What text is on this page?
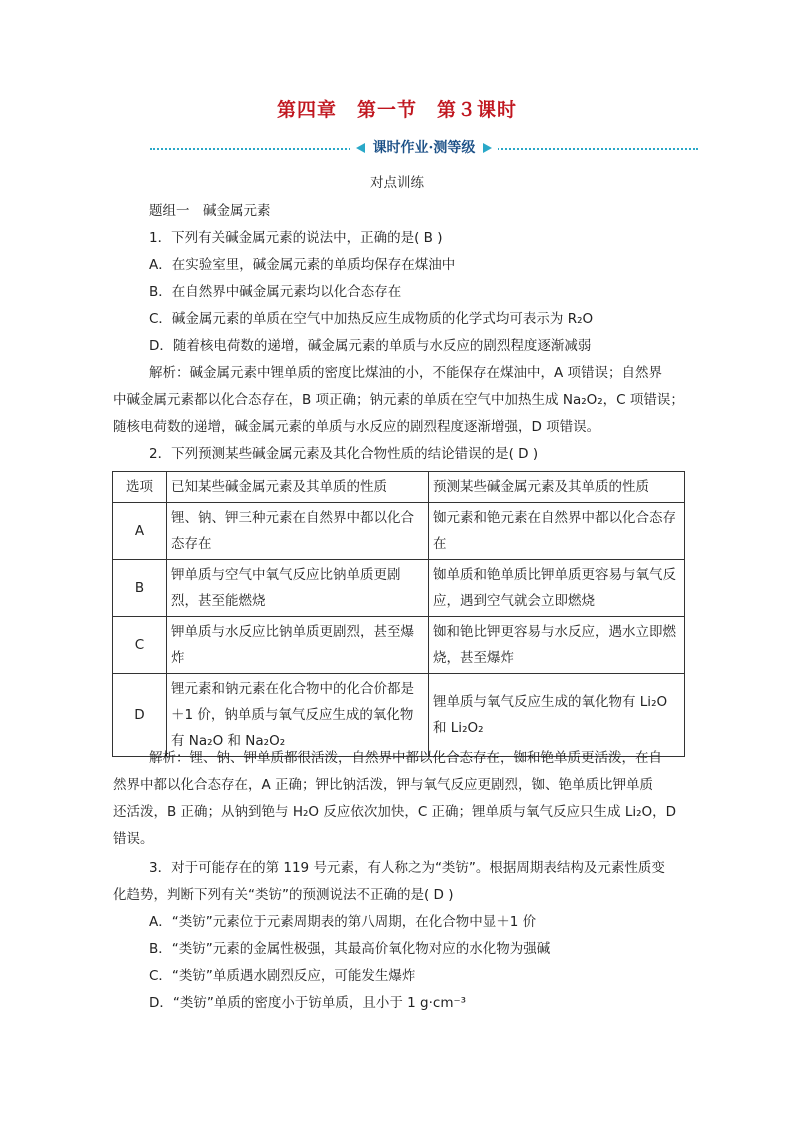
第四章　第一节　第３课时
课时作业·测等级
对点训练
题组一　碱金属元素
1．下列有关碱金属元素的说法中，正确的是( B )
A．在实验室里，碱金属元素的单质均保存在煤油中
B．在自然界中碱金属元素均以化合态存在
C．碱金属元素的单质在空气中加热反应生成物质的化学式均可表示为 R₂O
D．随着核电荷数的递增，碱金属元素的单质与水反应的剧烈程度逐渐减弱
解析：碱金属元素中锂单质的密度比煤油的小，不能保存在煤油中，A 项错误；自然界
中碱金属元素都以化合态存在，B 项正确；钠元素的单质在空气中加热生成 Na₂O₂，C 项错误；
随核电荷数的递增，碱金属元素的单质与水反应的剧烈程度逐渐增强，D 项错误。
2．下列预测某些碱金属元素及其化合物性质的结论错误的是( D )
选项	已知某些碱金属元素及其单质的性质	预测某些碱金属元素及其单质的性质
A	锂、钠、钾三种元素在自然界中都以化合态存在	铷元素和铯元素在自然界中都以化合态存在
B	钾单质与空气中氧气反应比钠单质更剧烈，甚至能燃烧	铷单质和铯单质比钾单质更容易与氧气反应，遇到空气就会立即燃烧
C	钾单质与水反应比钠单质更剧烈，甚至爆炸	铷和铯比钾更容易与水反应，遇水立即燃烧，甚至爆炸
D	锂元素和钠元素在化合物中的化合价都是＋1 价，钠单质与氧气反应生成的氧化物有 Na₂O 和 Na₂O₂	锂单质与氧气反应生成的氧化物有 Li₂O 和 Li₂O₂
解析：锂、钠、钾单质都很活泼，自然界中都以化合态存在，铷和铯单质更活泼，在自
然界中都以化合态存在，A 正确；钾比钠活泼，钾与氧气反应更剧烈，铷、铯单质比钾单质
还活泼，B 正确；从钠到铯与 H₂O 反应依次加快，C 正确；锂单质与氧气反应只生成 Li₂O，D
错误。
3．对于可能存在的第 119 号元素，有人称之为“类钫”。根据周期表结构及元素性质变
化趋势，判断下列有关“类钫”的预测说法不正确的是( D )
A．“类钫”元素位于元素周期表的第八周期，在化合物中显＋1 价
B．“类钫”元素的金属性极强，其最高价氧化物对应的水化物为强碱
C．“类钫”单质遇水剧烈反应，可能发生爆炸
D．“类钫”单质的密度小于钫单质，且小于 1 g·cm⁻³
